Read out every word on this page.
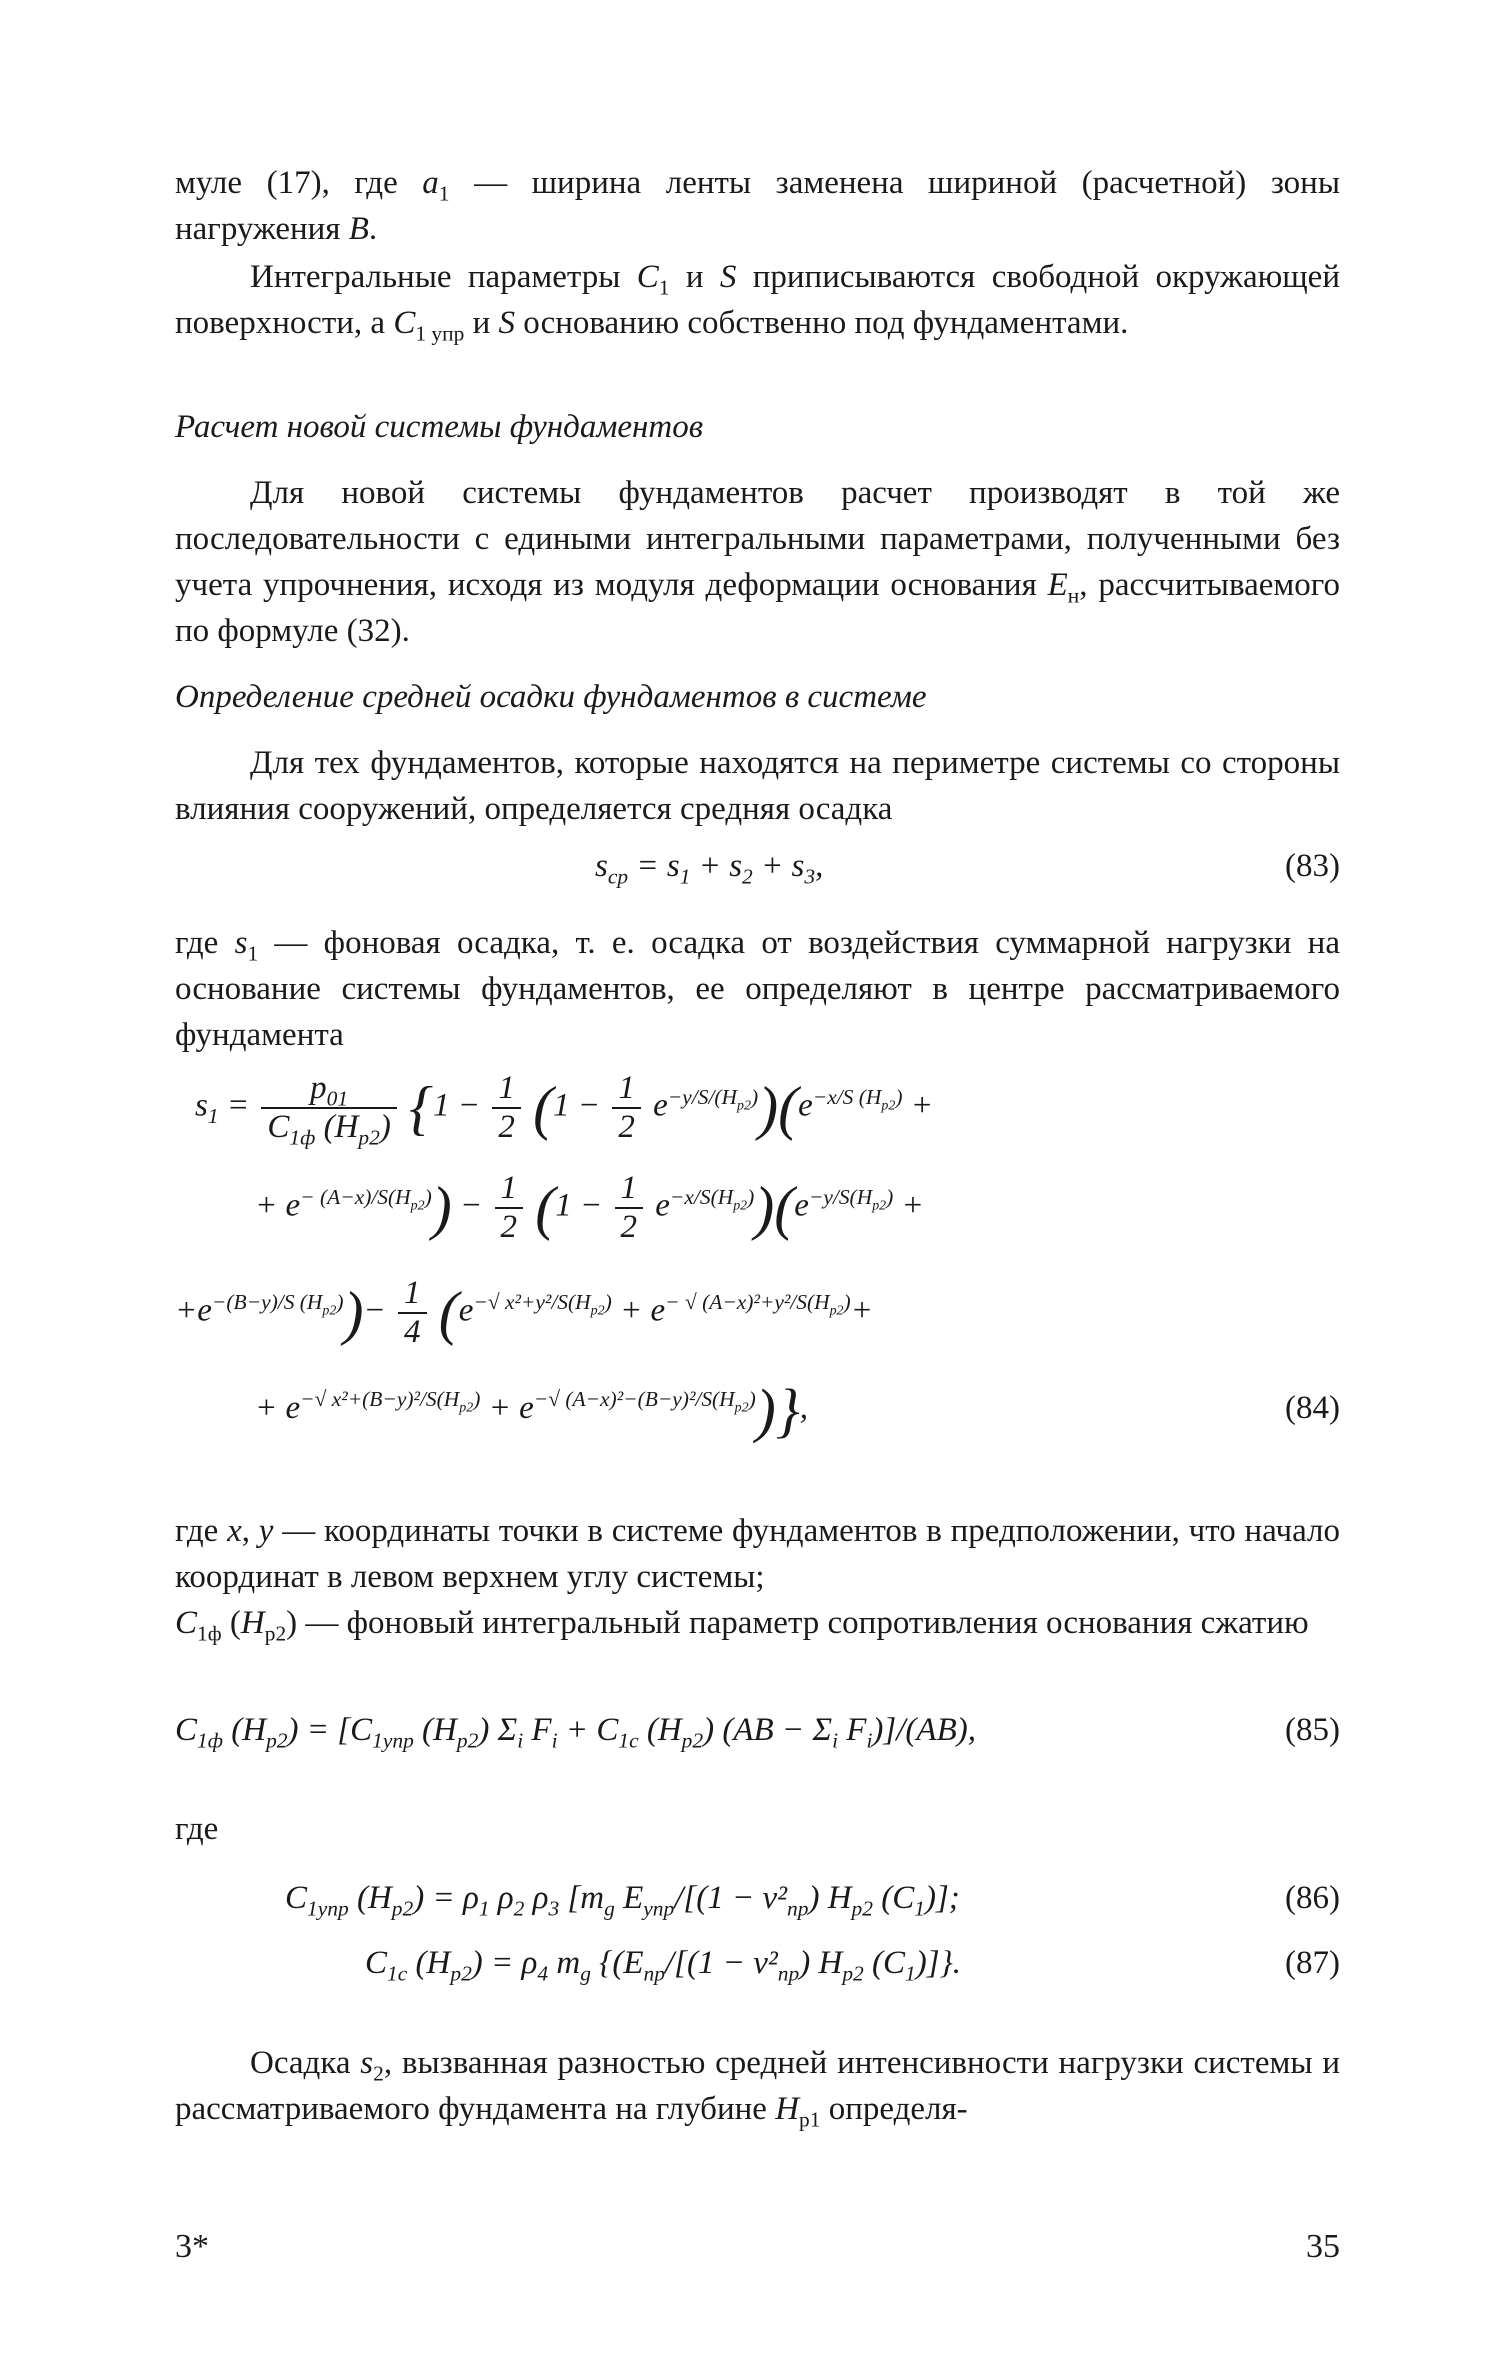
муле (17), где $a_1$ — ширина ленты заменена шириной (расчетной) зоны нагружения B.

Интегральные параметры $C_1$ и S приписываются свободной окружающей поверхности, а $C_{1 упр}$ и S основанию собственно под фундаментами.

Расчет новой системы фундаментов

Для новой системы фундаментов расчет производят в той же последовательности с едиными интегральными параметрами, полученными без учета упрочнения, исходя из модуля деформации основания $E_н$, рассчитываемого по формуле (32).

Определение средней осадки фундаментов в системе

Для тех фундаментов, которые находятся на периметре системы со стороны влияния сооружений, определяется средняя осадка

$s_{ср} = s_1 + s_2 + s_3$,	(83)

где $s_1$ — фоновая осадка, т. е. осадка от воздействия суммарной нагрузки на основание системы фундаментов, ее определяют в центре рассматриваемого фундамента

$s_1 = \frac{p_{01}}{C_{1ф} (H_{p2})} \{1 - \frac{1}{2} (1 - \frac{1}{2} e^{-y/S/(H_{p2})})(e^{-x/S (H_{p2})}$ +
+ $e^{- (A-x)/S(H_{p2})}) - \frac{1}{2} (1 - \frac{1}{2} e^{-x/S(H_{p2})})(e^{-y/S(H_{p2})}$ +
$+e^{-(B-y)/S (H_{p2})})- \frac{1}{4} (e^{-√ x^2+y^2/S(H_{p2})} + e^{- √ (A-x)^2+y^2/S(H_{p2})}+$
+ $e^{-√ x^2+(B-y)^2/S(H_{p2})} + e^{-√ (A-x)^2-(B-y)^2/S(H_{p2})}$)},	(84)

где x, y — координаты точки в системе фундаментов в предположении, что начало координат в левом верхнем углу системы;

$C_{1ф}$ $(H_{p2})$ — фоновый интегральный параметр сопротивления основания сжатию

$C_{1ф}$ $(H_{p2}) = [C_{1упр}$ $(H_{p2})$ $\Sigma_i$ $F_i + C_{1с}$ $(H_{p2}) (AB - \Sigma_i$ $F_i)]/(AB)$,	(85)

где

$C_{1упр}$ $(H_{p2}) = \rho_1$ $\rho_2$ $\rho_3$ [$m_g$ $E_{упр}/[(1 - \nu^2_{пр})$ $H_{p2}$ $(C_1)$];	(86)
$C_{1с}$ $(H_{p2}) = \rho_4$ $m_g$ {($E_{пр}/[(1 - \nu^2_{пр})$ $H_{p2}$ $(C_1)$]}.	(87)

Осадка $s_2$, вызванная разностью средней интенсивности нагрузки системы и рассматриваемого фундамента на глубине $H_{p1}$ определя-

3*	35
